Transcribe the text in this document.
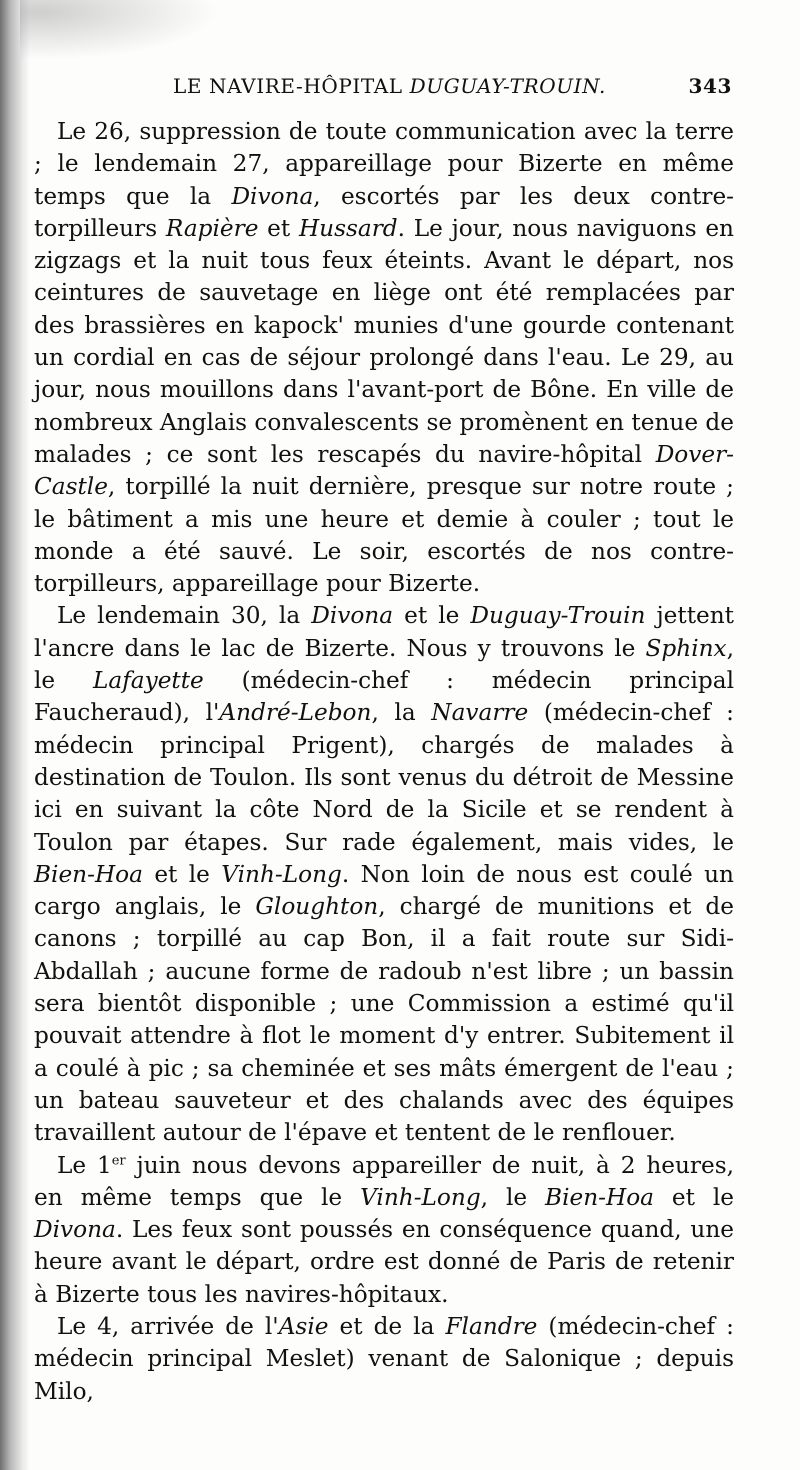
LE NAVIRE-HÔPITAL DUGUAY-TROUIN.	343

Le 26, suppression de toute communication avec la terre ; le lendemain 27, appareillage pour Bizerte en même temps que la Divona, escortés par les deux contre-torpilleurs Rapière et Hussard. Le jour, nous naviguons en zigzags et la nuit tous feux éteints. Avant le départ, nos ceintures de sauvetage en liège ont été remplacées par des brassières en kapock' munies d'une gourde contenant un cordial en cas de séjour prolongé dans l'eau. Le 29, au jour, nous mouillons dans l'avant-port de Bône. En ville de nombreux Anglais convalescents se promènent en tenue de malades ; ce sont les rescapés du navire-hôpital Dover-Castle, torpillé la nuit dernière, presque sur notre route ; le bâtiment a mis une heure et demie à couler ; tout le monde a été sauvé. Le soir, escortés de nos contre-torpilleurs, appareillage pour Bizerte.

Le lendemain 30, la Divona et le Duguay-Trouin jettent l'ancre dans le lac de Bizerte. Nous y trouvons le Sphinx, le Lafayette (médecin-chef : médecin principal Faucheraud), l'André-Lebon, la Navarre (médecin-chef : médecin principal Prigent), chargés de malades à destination de Toulon. Ils sont venus du détroit de Messine ici en suivant la côte Nord de la Sicile et se rendent à Toulon par étapes. Sur rade également, mais vides, le Bien-Hoa et le Vinh-Long. Non loin de nous est coulé un cargo anglais, le Gloughton, chargé de munitions et de canons ; torpillé au cap Bon, il a fait route sur Sidi-Abdallah ; aucune forme de radoub n'est libre ; un bassin sera bientôt disponible ; une Commission a estimé qu'il pouvait attendre à flot le moment d'y entrer. Subitement il a coulé à pic ; sa cheminée et ses mâts émergent de l'eau ; un bateau sauveteur et des chalands avec des équipes travaillent autour de l'épave et tentent de le renflouer.

Le 1er juin nous devons appareiller de nuit, à 2 heures, en même temps que le Vinh-Long, le Bien-Hoa et le Divona. Les feux sont poussés en conséquence quand, une heure avant le départ, ordre est donné de Paris de retenir à Bizerte tous les navires-hôpitaux.

Le 4, arrivée de l'Asie et de la Flandre (médecin-chef : médecin principal Meslet) venant de Salonique ; depuis Milo,
